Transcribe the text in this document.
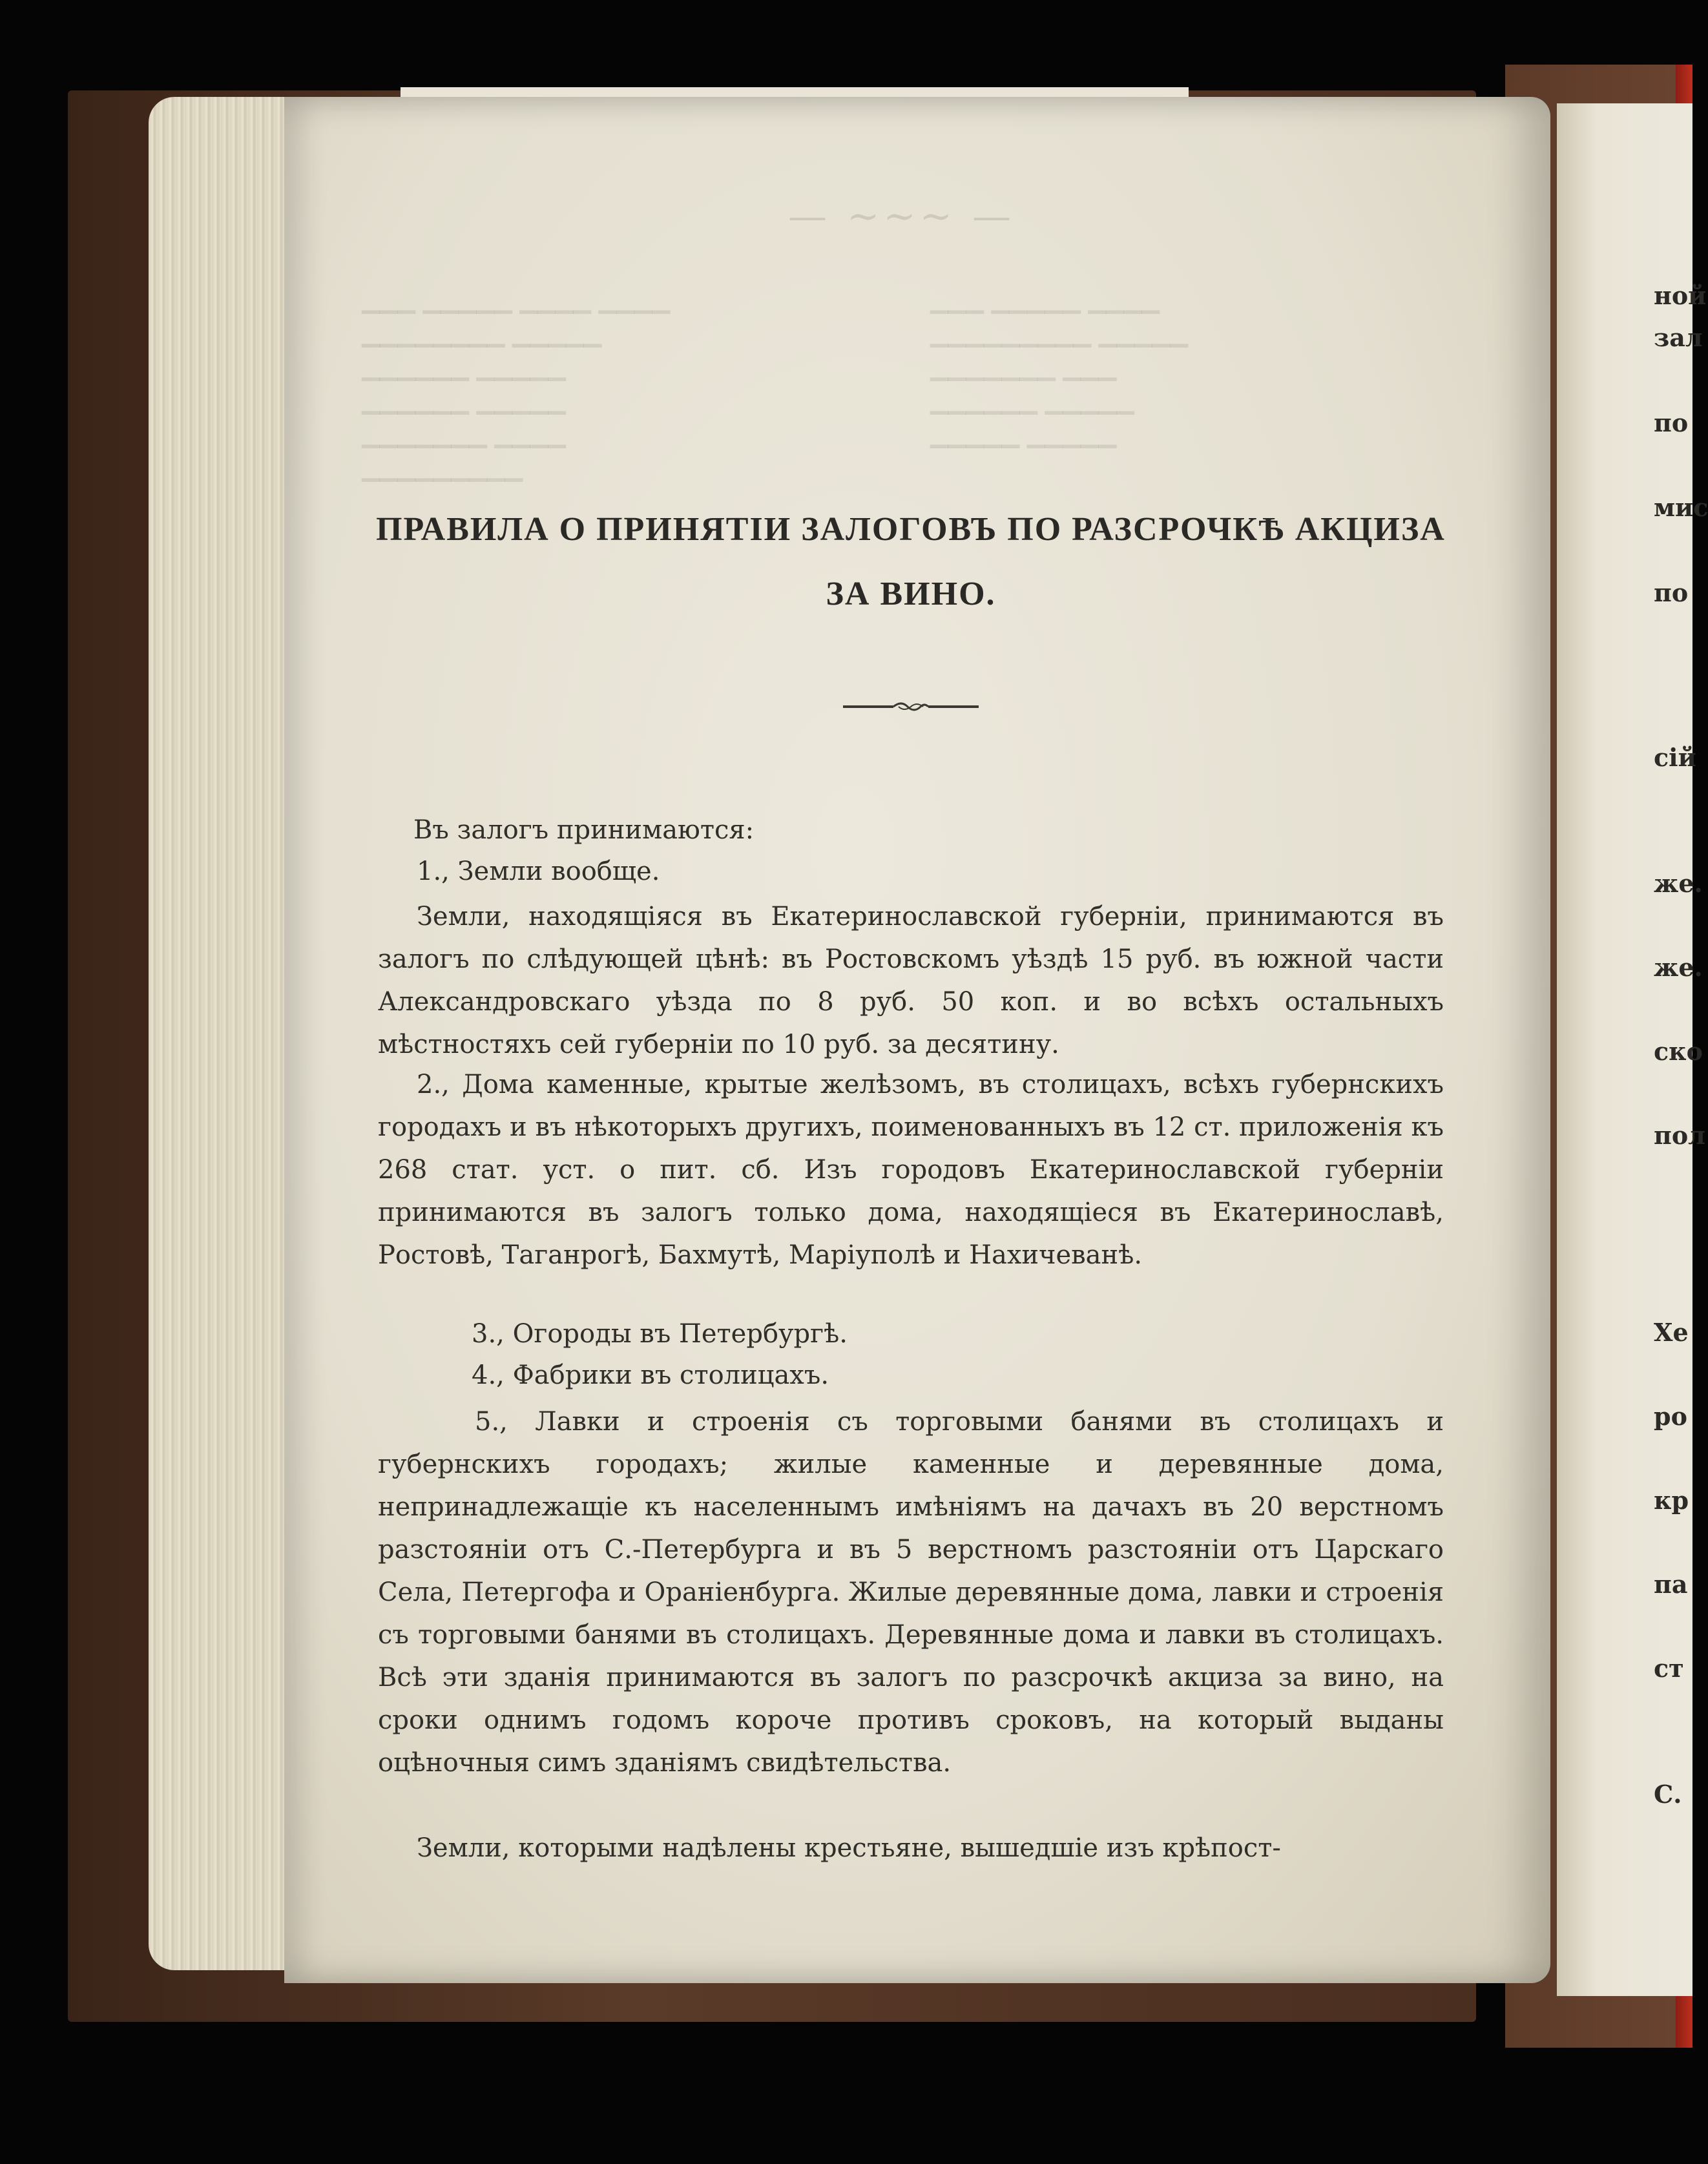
— ~~~ —
ПРАВИЛА О ПРИНЯТІИ ЗАЛОГОВЪ ПО РАЗСРОЧКѢ АКЦИЗА
ЗА ВИНО.

Въ залогъ принимаются:

1., Земли вообще.

Земли, находящіяся въ Екатеринославской губерніи, принимаются въ залогъ по слѣдующей цѣнѣ: въ Ростовскомъ уѣздѣ 15 руб. въ южной части Александровскаго уѣзда по 8 руб. 50 коп. и во всѣхъ остальныхъ мѣстностяхъ сей губерніи по 10 руб. за десятину.

2., Дома каменные, крытые желѣзомъ, въ столицахъ, всѣхъ губернскихъ городахъ и въ нѣкоторыхъ другихъ, поименованныхъ въ 12 ст. приложенія къ 268 стат. уст. о пит. сб. Изъ городовъ Екатеринославской губерніи принимаются въ залогъ только дома, находящіеся въ Екатеринославѣ, Ростовѣ, Таганрогѣ, Бахмутѣ, Маріуполѣ и Нахичеванѣ.

3., Огороды въ Петербургѣ.

4., Фабрики въ столицахъ.

5., Лавки и строенія съ торговыми банями въ столицахъ и губернскихъ городахъ; жилые каменные и деревянные дома, непринадлежащіе къ населеннымъ имѣніямъ на дачахъ въ 20 верстномъ разстояніи отъ С.-Петербурга и въ 5 верстномъ разстояніи отъ Царскаго Села, Петергофа и Ораніенбурга. Жилые деревянные дома, лавки и строенія съ торговыми банями въ столицахъ. Деревянные дома и лавки въ столицахъ. Всѣ эти зданія принимаются въ залогъ по разсрочкѣ акциза за вино, на сроки однимъ годомъ короче противъ сроковъ, на который выданы оцѣночныя симъ зданіямъ свидѣтельства.

Земли, которыми надѣлены крестьяне, вышедшіе изъ крѣпост-

ной
зал
по
мис
по
сій
же.
же.
ско
пол
Хе
ро
кр
па
ст
С.
